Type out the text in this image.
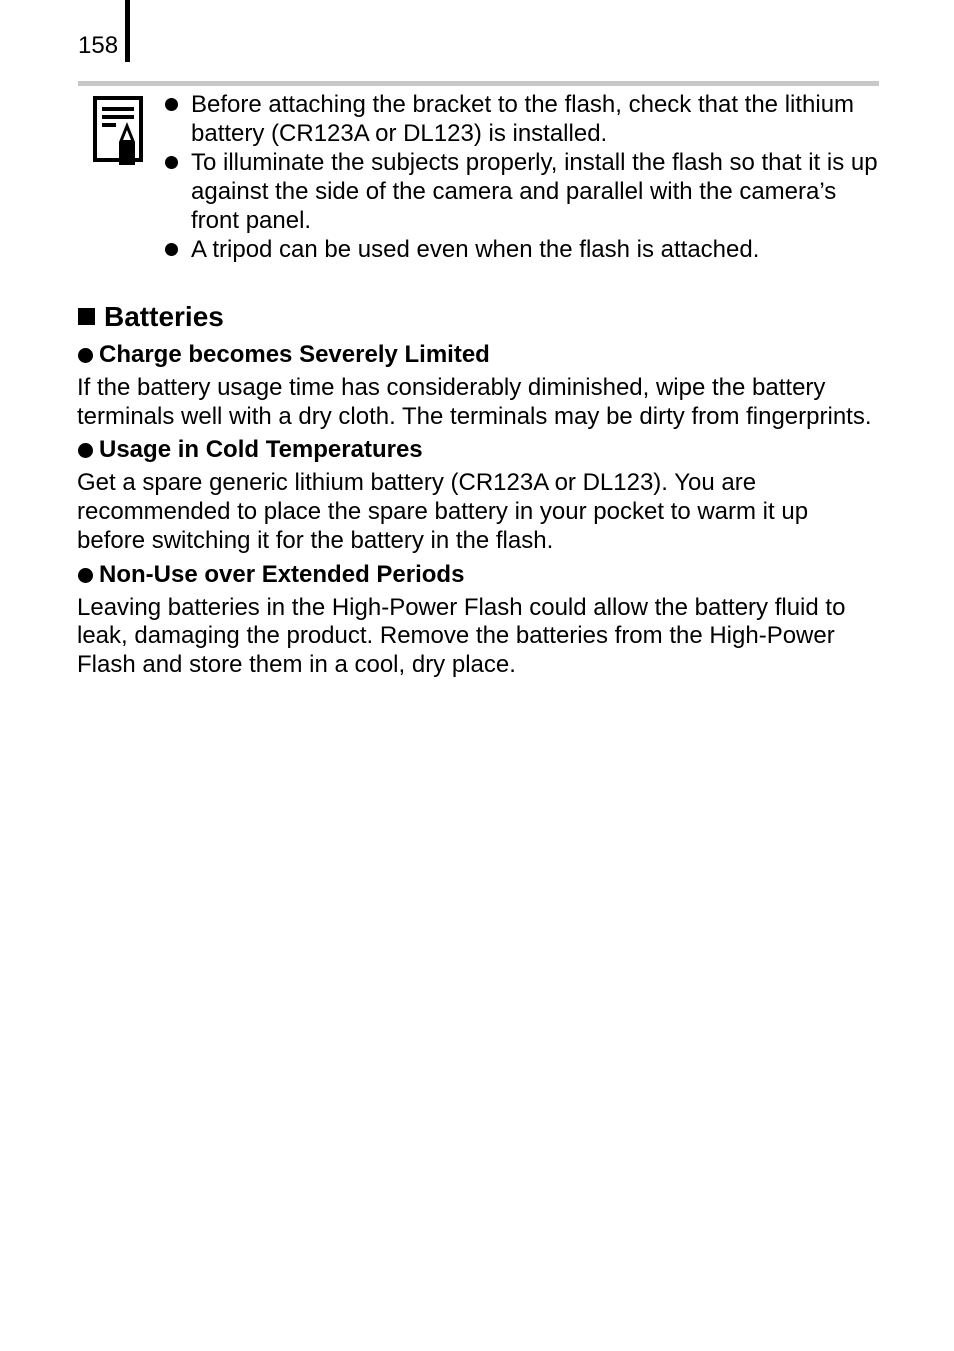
158
Before attaching the bracket to the flash, check that the lithium battery (CR123A or DL123) is installed.
To illuminate the subjects properly, install the flash so that it is up against the side of the camera and parallel with the camera’s front panel.
A tripod can be used even when the flash is attached.
Batteries
Charge becomes Severely Limited

If the battery usage time has considerably diminished, wipe the battery terminals well with a dry cloth. The terminals may be dirty from fingerprints.

Usage in Cold Temperatures

Get a spare generic lithium battery (CR123A or DL123). You are recommended to place the spare battery in your pocket to warm it up before switching it for the battery in the flash.

Non-Use over Extended Periods

Leaving batteries in the High-Power Flash could allow the battery fluid to leak, damaging the product. Remove the batteries from the High-Power Flash and store them in a cool, dry place.
